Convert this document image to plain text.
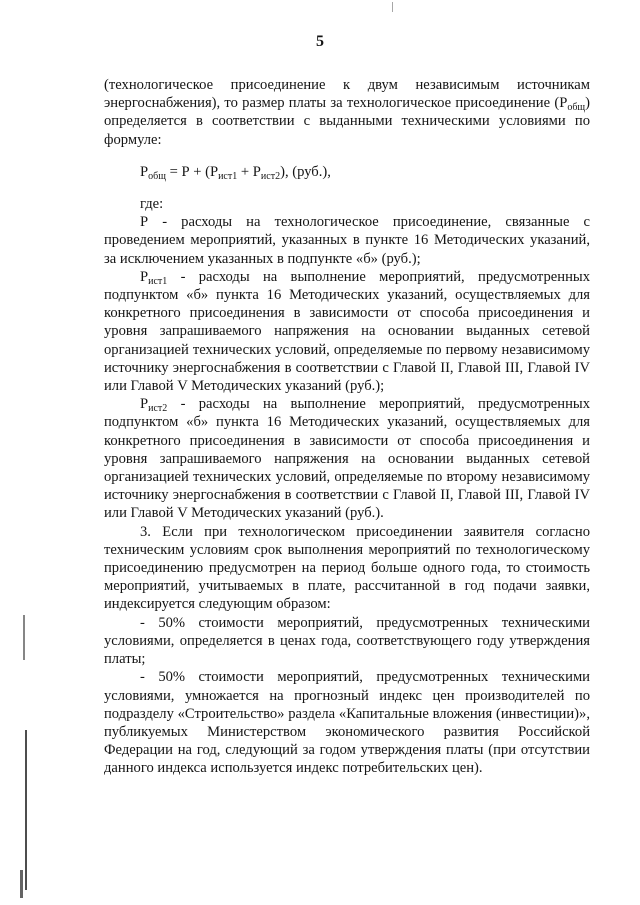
5

(технологическое присоединение к двум независимым источникам энергоснабжения), то размер платы за технологическое присоединение $(Р_{общ})$ определяется в соответствии с выданными техническими условиями по формуле:

$Р_{общ} = Р + (Р_{ист1} + Р_{ист2})$, (руб.),

где:

Р - расходы на технологическое присоединение, связанные с проведением мероприятий, указанных в пункте 16 Методических указаний, за исключением указанных в подпункте «б» (руб.);

$Р_{ист1}$ - расходы на выполнение мероприятий, предусмотренных подпунктом «б» пункта 16 Методических указаний, осуществляемых для конкретного присоединения в зависимости от способа присоединения и уровня запрашиваемого напряжения на основании выданных сетевой организацией технических условий, определяемые по первому независимому источнику энергоснабжения в соответствии с Главой II, Главой III, Главой IV или Главой V Методических указаний (руб.);

$Р_{ист2}$ - расходы на выполнение мероприятий, предусмотренных подпунктом «б» пункта 16 Методических указаний, осуществляемых для конкретного присоединения в зависимости от способа присоединения и уровня запрашиваемого напряжения на основании выданных сетевой организацией технических условий, определяемые по второму независимому источнику энергоснабжения в соответствии с Главой II, Главой III, Главой IV или Главой V Методических указаний (руб.).

3. Если при технологическом присоединении заявителя согласно техническим условиям срок выполнения мероприятий по технологическому присоединению предусмотрен на период больше одного года, то стоимость мероприятий, учитываемых в плате, рассчитанной в год подачи заявки, индексируется следующим образом:

- 50% стоимости мероприятий, предусмотренных техническими условиями, определяется в ценах года, соответствующего году утверждения платы;

- 50% стоимости мероприятий, предусмотренных техническими условиями, умножается на прогнозный индекс цен производителей по подразделу «Строительство» раздела «Капитальные вложения (инвестиции)», публикуемых Министерством экономического развития Российской Федерации на год, следующий за годом утверждения платы (при отсутствии данного индекса используется индекс потребительских цен).
